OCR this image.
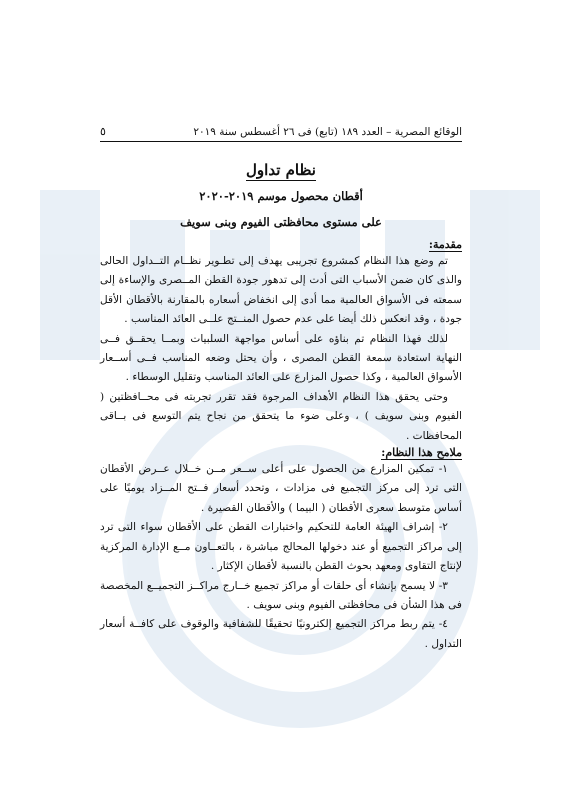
الوقائع المصرية – العدد ١٨٩ (تابع) فى ٢٦ أغسطس سنة ٢٠١٩
٥
نظام تداول
أقطان محصول موسم ٢٠١٩-٢٠٢٠
على مستوى محافظتى الفيوم وبنى سويف
مقدمة:

تم وضع هذا النظام كمشروع تجريبى يهدف إلى تطـوير نظــام التــداول الحالى والذى كان ضمن الأسباب التى أدت إلى تدهور جودة القطن المــصرى والإساءة إلى سمعته فى الأسواق العالمية مما أدى إلى انخفاض أسعاره بالمقارنة بالأقطان الأقل جودة ، وقد انعكس ذلك أيضا على عدم حصول المنــتج علــى العائد المناسب .

لذلك فهذا النظام تم بناؤه على أساس مواجهة السلبيات وبمــا يحقــق فــى النهاية استعادة سمعة القطن المصرى ، وأن يحتل وضعه المناسب فــى أســعار الأسواق العالمية ، وكذا حصول المزارع على العائد المناسب وتقليل الوسطاء .

وحتى يحقق هذا النظام الأهداف المرجوة فقد تقرر تجربته فى محــافظتين ( الفيوم وبنى سويف ) ، وعلى ضوء ما يتحقق من نجاح يتم التوسع فى بــاقى المحافظات .

ملامح هذا النظام:

١- تمكين المزارع من الحصول على أعلى ســعر مــن خــلال عــرض الأقطان التى ترد إلى مركز التجميع فى مزادات ، وتحدد أسعار فــتح المــزاد يوميًا على أساس متوسط سعرى الأقطان ( البيما ) والأقطان القصيرة .

٢- إشراف الهيئة العامة للتحكيم واختبارات القطن على الأقطان سواء التى ترد إلى مراكز التجميع أو عند دخولها المحالج مباشرة ، بالتعــاون مــع الإدارة المركزية لإنتاج التقاوى ومعهد بحوث القطن بالنسبة لأقطان الإكثار .

٣- لا يسمح بإنشاء أى حلقات أو مراكز تجميع خــارج مراكــز التجميــع المخصصة فى هذا الشأن فى محافظتى الفيوم وبنى سويف .

٤- يتم ربط مراكز التجميع إلكترونيًا تحقيقًا للشفافية والوقوف على كافــة أسعار التداول .
